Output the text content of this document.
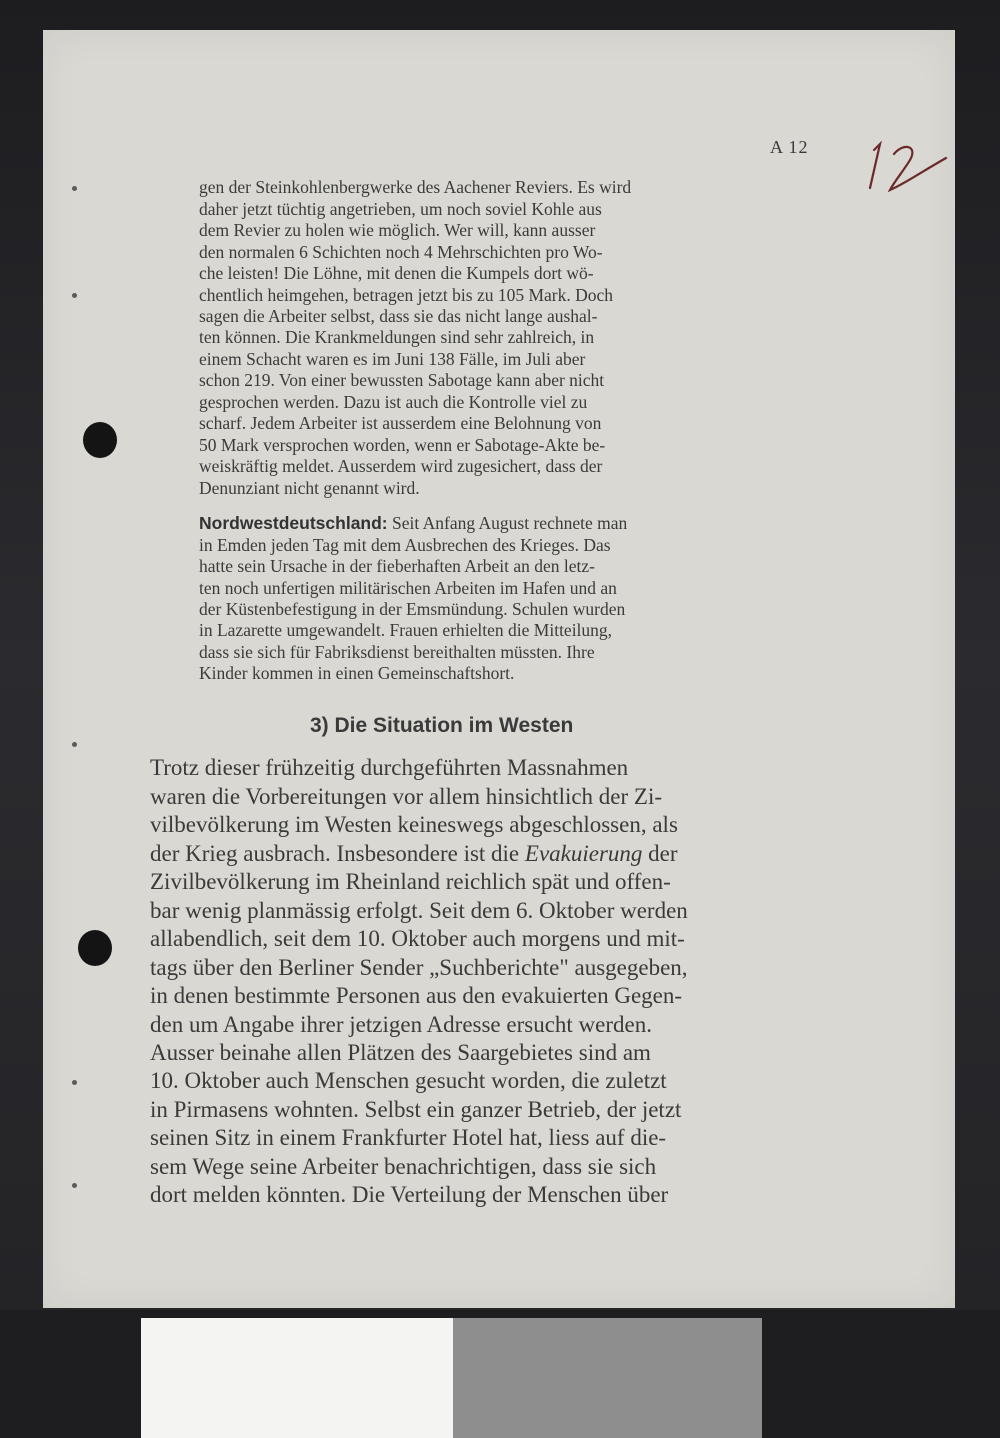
A 12
gen der Steinkohlenbergwerke des Aachener Reviers. Es wird
daher jetzt tüchtig angetrieben, um noch soviel Kohle aus
dem Revier zu holen wie möglich. Wer will, kann ausser
den normalen 6 Schichten noch 4 Mehrschichten pro Wo-
che leisten! Die Löhne, mit denen die Kumpels dort wö-
chentlich heimgehen, betragen jetzt bis zu 105 Mark. Doch
sagen die Arbeiter selbst, dass sie das nicht lange aushal-
ten können. Die Krankmeldungen sind sehr zahlreich, in
einem Schacht waren es im Juni 138 Fälle, im Juli aber
schon 219. Von einer bewussten Sabotage kann aber nicht
gesprochen werden. Dazu ist auch die Kontrolle viel zu
scharf. Jedem Arbeiter ist ausserdem eine Belohnung von
50 Mark versprochen worden, wenn er Sabotage-Akte be-
weiskräftig meldet. Ausserdem wird zugesichert, dass der
Denunziant nicht genannt wird.
Nordwestdeutschland: Seit Anfang August rechnete man
in Emden jeden Tag mit dem Ausbrechen des Krieges. Das
hatte sein Ursache in der fieberhaften Arbeit an den letz-
ten noch unfertigen militärischen Arbeiten im Hafen und an
der Küstenbefestigung in der Emsmündung. Schulen wurden
in Lazarette umgewandelt. Frauen erhielten die Mitteilung,
dass sie sich für Fabriksdienst bereithalten müssten. Ihre
Kinder kommen in einen Gemeinschaftshort.
3) Die Situation im Westen
Trotz dieser frühzeitig durchgeführten Massnahmen
waren die Vorbereitungen vor allem hinsichtlich der Zi-
vilbevölkerung im Westen keineswegs abgeschlossen, als
der Krieg ausbrach. Insbesondere ist die Evakuierung der
Zivilbevölkerung im Rheinland reichlich spät und offen-
bar wenig planmässig erfolgt. Seit dem 6. Oktober werden
allabendlich, seit dem 10. Oktober auch morgens und mit-
tags über den Berliner Sender „Suchberichte" ausgegeben,
in denen bestimmte Personen aus den evakuierten Gegen-
den um Angabe ihrer jetzigen Adresse ersucht werden.
Ausser beinahe allen Plätzen des Saargebietes sind am
10. Oktober auch Menschen gesucht worden, die zuletzt
in Pirmasens wohnten. Selbst ein ganzer Betrieb, der jetzt
seinen Sitz in einem Frankfurter Hotel hat, liess auf die-
sem Wege seine Arbeiter benachrichtigen, dass sie sich
dort melden könnten. Die Verteilung der Menschen über
